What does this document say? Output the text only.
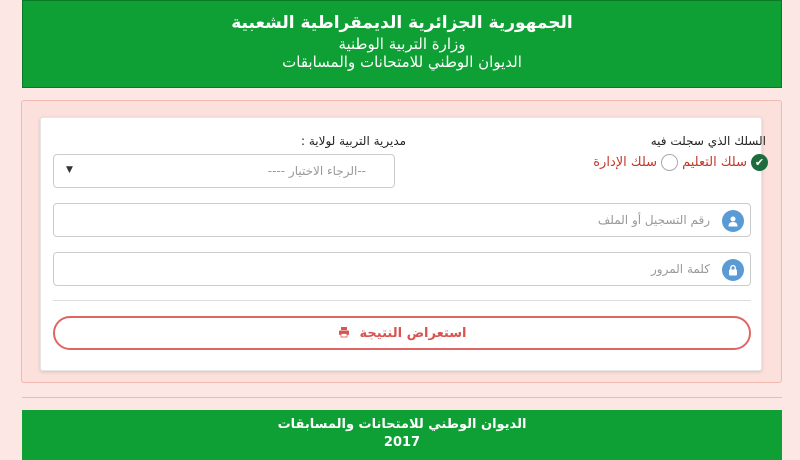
الجمهورية الجزائرية الديمقراطية الشعبية
وزارة التربية الوطنية
الديوان الوطني للامتحانات والمسابقات
السلك الذي سجلت فيه
مديرية التربية لولاية :
✔
سلك التعليم
سلك الإدارة
--الرجاء الاختيار ----
▼
رقم التسجيل أو الملف
كلمة المرور
استعراض النتيجة
الديوان الوطني للامتحانات والمسابقات
2017
